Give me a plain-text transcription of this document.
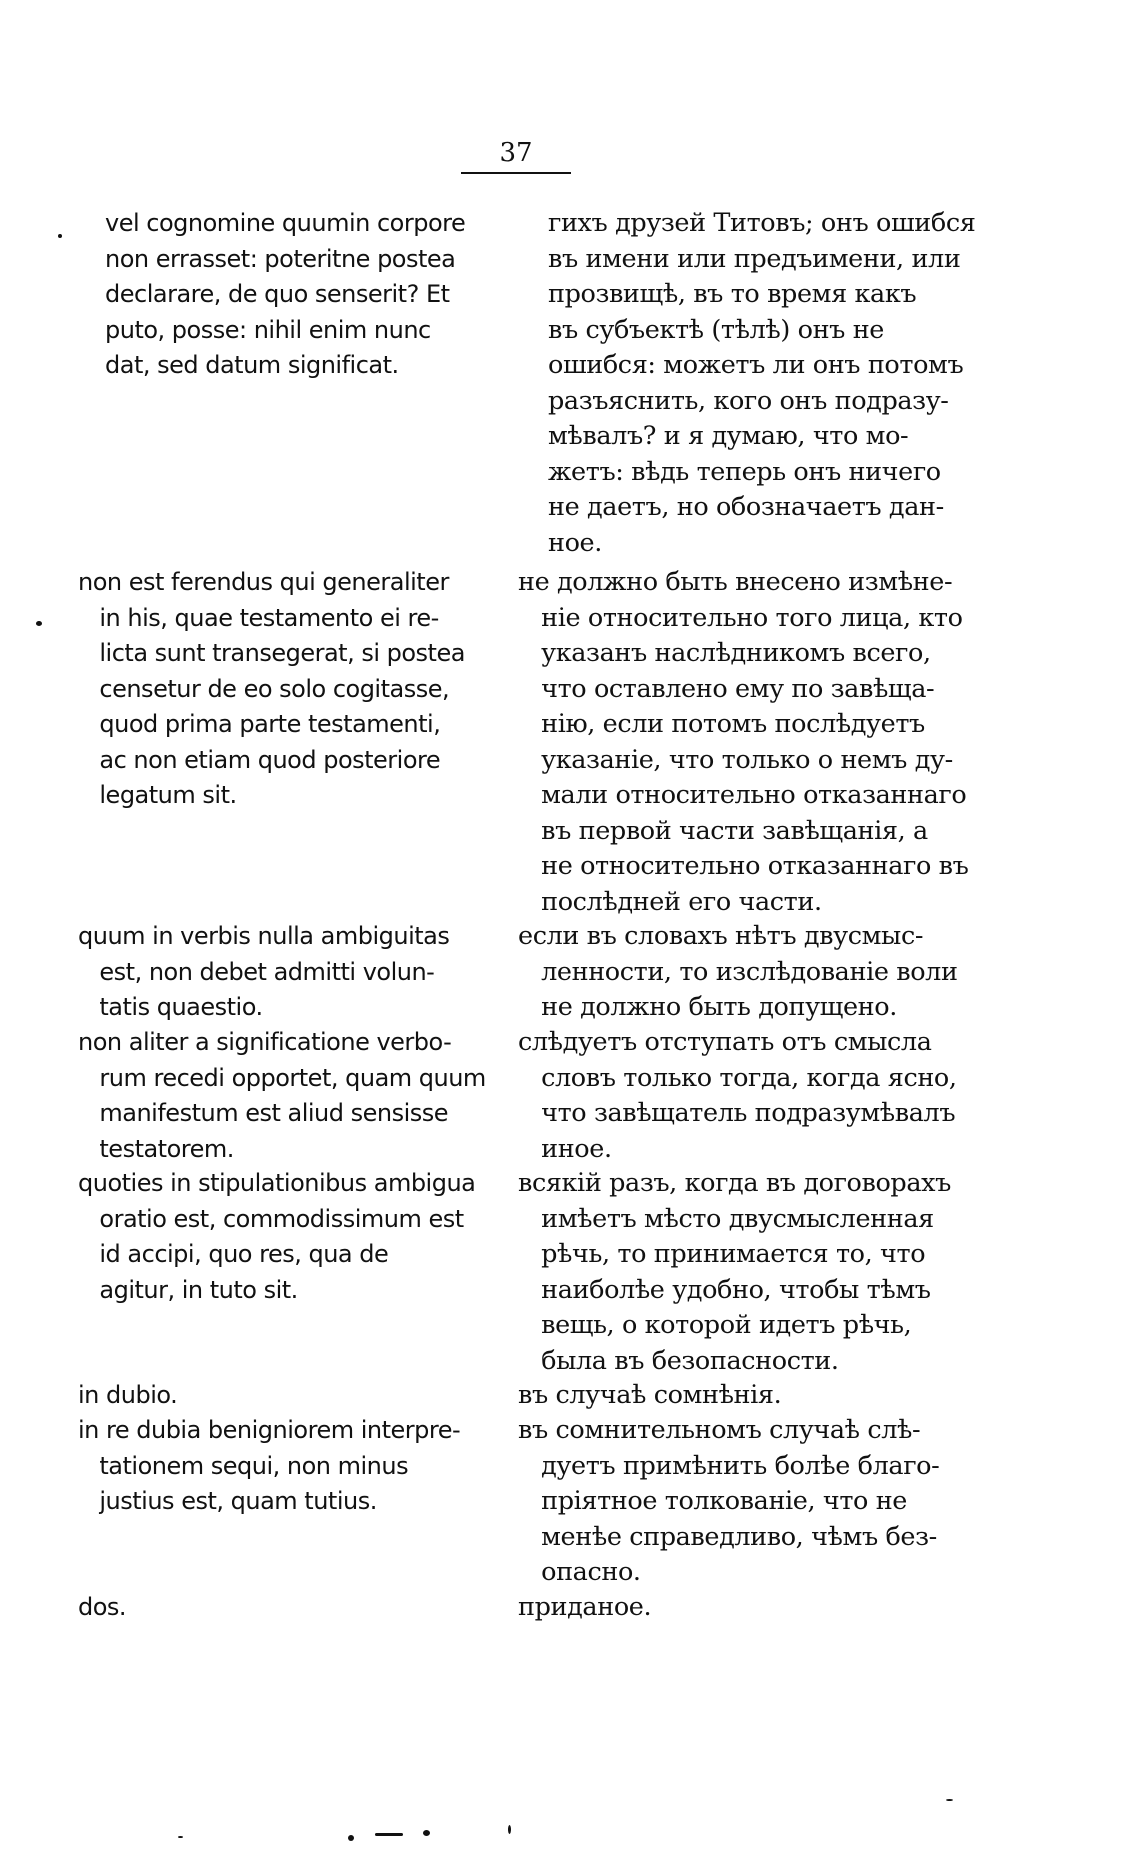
37
vel cognomine quumin corpore
non errasset: poteritne postea
declarare, de quo senserit? Et
puto, posse: nihil enim nunc
dat, sed datum significat.
гихъ друзей Титовъ; онъ ошибся
въ имени или предъимени, или
прозвищѣ, въ то время какъ
въ субъектѣ (тѣлѣ) онъ не
ошибся: можетъ ли онъ потомъ
разъяснить, кого онъ подразу-
мѣвалъ? и я думаю, что мо-
жетъ: вѣдь теперь онъ ничего
не даетъ, но обозначаетъ дан-
ное.
non est ferendus qui generaliter
in his, quae testamento ei re-
licta sunt transegerat, si postea
censetur de eo solo cogitasse,
quod prima parte testamenti,
ac non etiam quod posteriore
legatum sit.
не должно быть внесено измѣне-
ніе относительно того лица, кто
указанъ наслѣдникомъ всего,
что оставлено ему по завѣща-
нію, если потомъ послѣдуетъ
указаніе, что только о немъ ду-
мали относительно отказаннаго
въ первой части завѣщанія, а
не относительно отказаннаго въ
послѣдней его части.
quum in verbis nulla ambiguitas
est, non debet admitti volun-
tatis quaestio.
если въ словахъ нѣтъ двусмыс-
ленности, то изслѣдованіе воли
не должно быть допущено.
non aliter a significatione verbo-
rum recedi opportet, quam quum
manifestum est aliud sensisse
testatorem.
слѣдуетъ отступать отъ смысла
словъ только тогда, когда ясно,
что завѣщатель подразумѣвалъ
иное.
quoties in stipulationibus ambigua
oratio est, commodissimum est
id accipi, quo res, qua de
agitur, in tuto sit.
всякій разъ, когда въ договорахъ
имѣетъ мѣсто двусмысленная
рѣчь, то принимается то, что
наиболѣе удобно, чтобы тѣмъ
вещь, о которой идетъ рѣчь,
была въ безопасности.
in dubio.	въ случаѣ сомнѣнія.
in re dubia benigniorem interpre-
tationem sequi, non minus
justius est, quam tutius.
въ сомнительномъ случаѣ слѣ-
дуетъ примѣнить болѣе благо-
пріятное толкованіе, что не
менѣе справедливо, чѣмъ без-
опасно.
dos.	приданое.
